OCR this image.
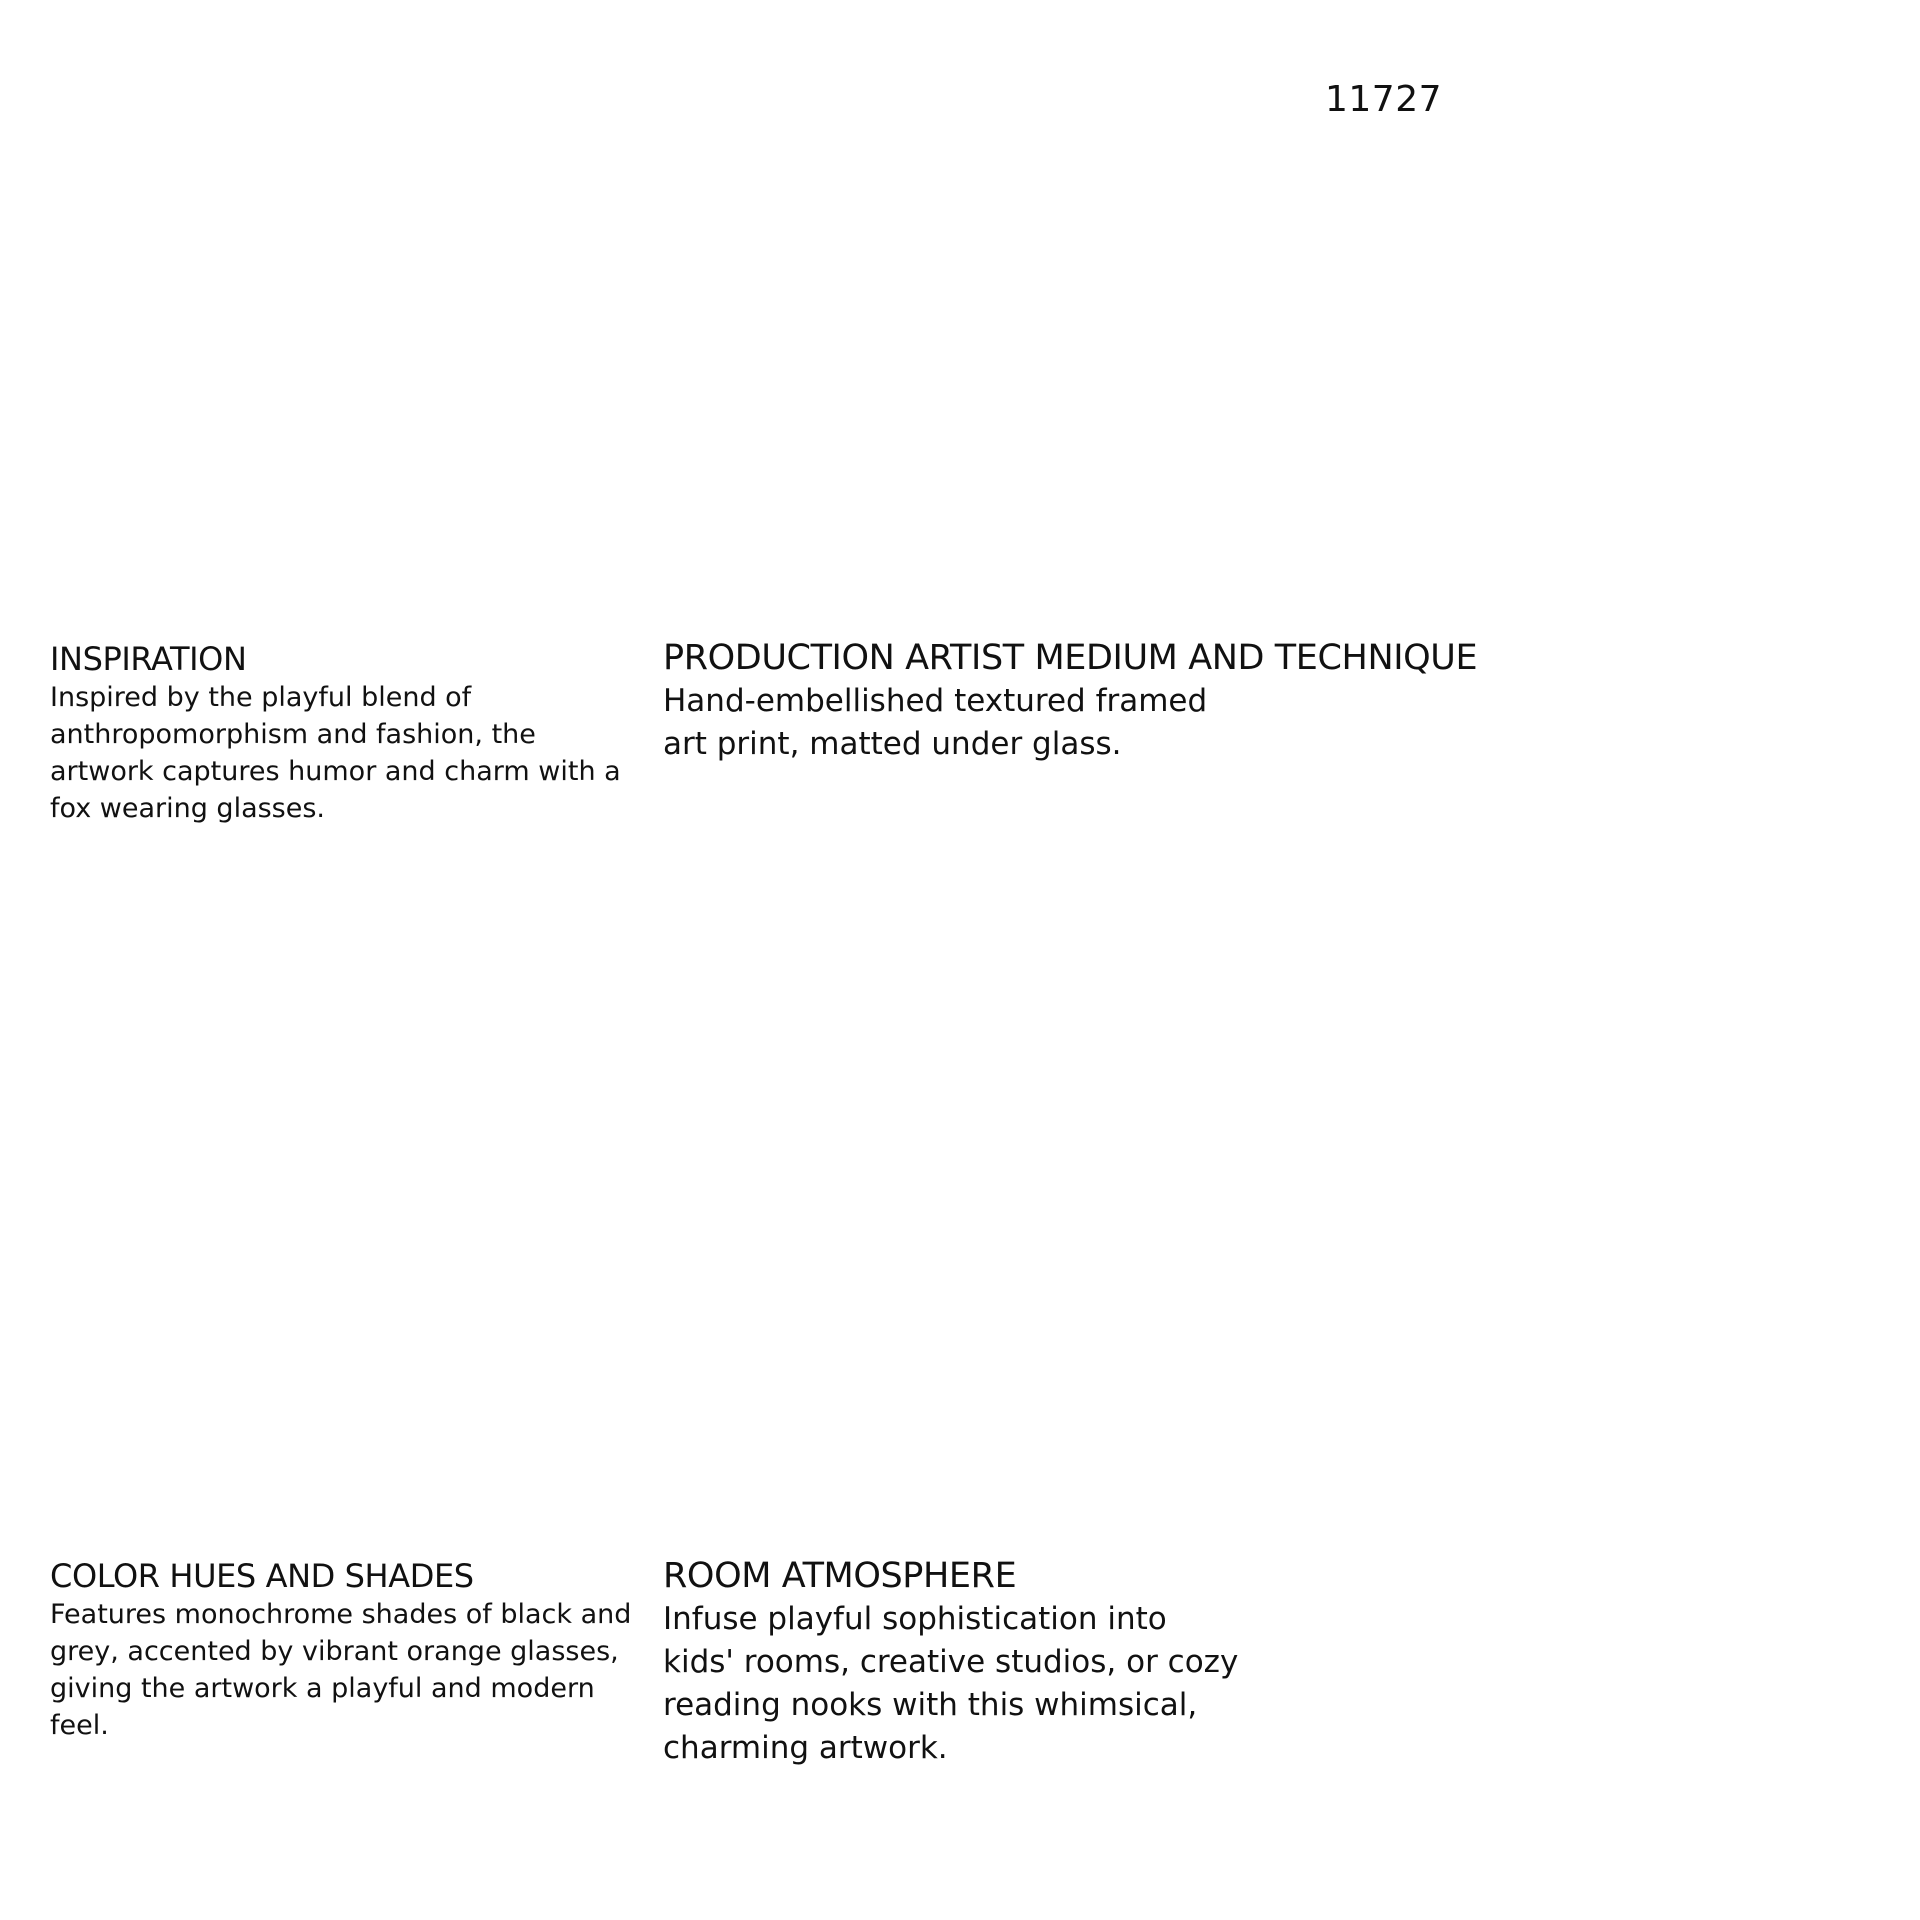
11727
INSPIRATION

Inspired by the playful blend of anthropomorphism and fashion, the artwork captures humor and charm with a fox wearing glasses.

PRODUCTION ARTIST MEDIUM AND TECHNIQUE

Hand-embellished textured framed art print, matted under glass.

COLOR HUES AND SHADES

Features monochrome shades of black and grey, accented by vibrant orange glasses, giving the artwork a playful and modern feel.

ROOM ATMOSPHERE

Infuse playful sophistication into kids' rooms, creative studios, or cozy reading nooks with this whimsical, charming artwork.
